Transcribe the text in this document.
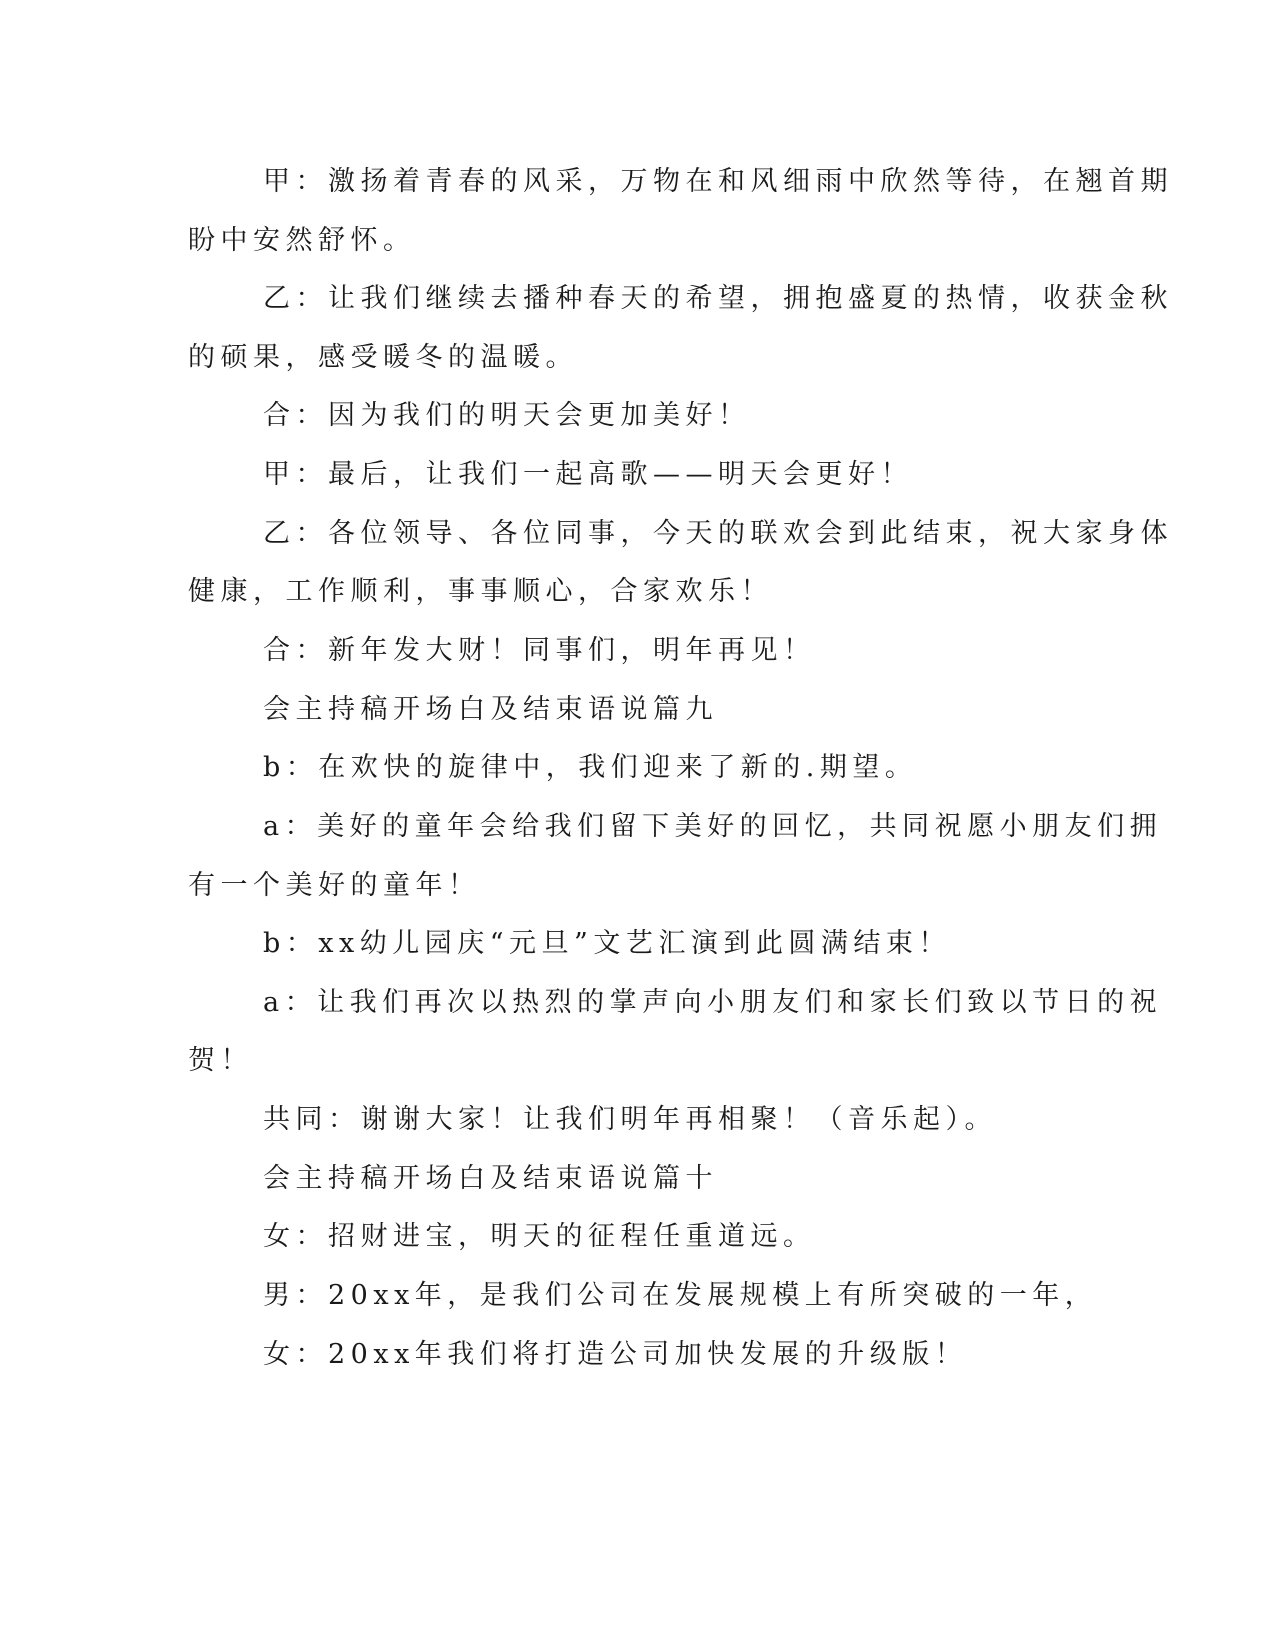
甲：激扬着青春的风采，万物在和风细雨中欣然等待，在翘首期
盼中安然舒怀。
乙：让我们继续去播种春天的希望，拥抱盛夏的热情，收获金秋
的硕果，感受暖冬的温暖。
合：因为我们的明天会更加美好！
甲：最后，让我们一起高歌——明天会更好！
乙：各位领导、各位同事，今天的联欢会到此结束，祝大家身体
健康，工作顺利，事事顺心，合家欢乐！
合：新年发大财！同事们，明年再见！
会主持稿开场白及结束语说篇九
b：在欢快的旋律中，我们迎来了新的.期望。
a：美好的童年会给我们留下美好的回忆，共同祝愿小朋友们拥
有一个美好的童年！
b：xx幼儿园庆“元旦”文艺汇演到此圆满结束！
a：让我们再次以热烈的掌声向小朋友们和家长们致以节日的祝
贺！
共同：谢谢大家！让我们明年再相聚！（音乐起）。
会主持稿开场白及结束语说篇十
女：招财进宝，明天的征程任重道远。
男：20xx年，是我们公司在发展规模上有所突破的一年，
女：20xx年我们将打造公司加快发展的升级版！
